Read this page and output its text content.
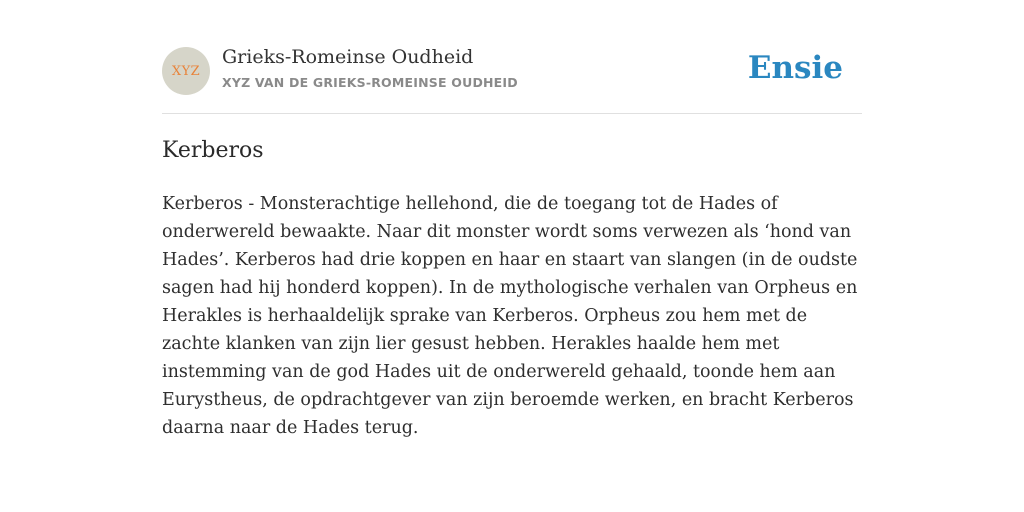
XYZ
Grieks-Romeinse Oudheid
XYZ VAN DE GRIEKS-ROMEINSE OUDHEID	Ensie
Kerberos

Kerberos - Monsterachtige hellehond, die de toegang tot de Hades of onderwereld bewaakte. Naar dit monster wordt soms verwezen als ‘hond van Hades’. Kerberos had drie koppen en haar en staart van slangen (in de oudste sagen had hij honderd koppen). In de mythologische verhalen van Orpheus en Herakles is herhaaldelijk sprake van Kerberos. Orpheus zou hem met de zachte klanken van zijn lier gesust hebben. Herakles haalde hem met instemming van de god Hades uit de onderwereld gehaald, toonde hem aan Eurystheus, de opdrachtgever van zijn beroemde werken, en bracht Kerberos daarna naar de Hades terug.
